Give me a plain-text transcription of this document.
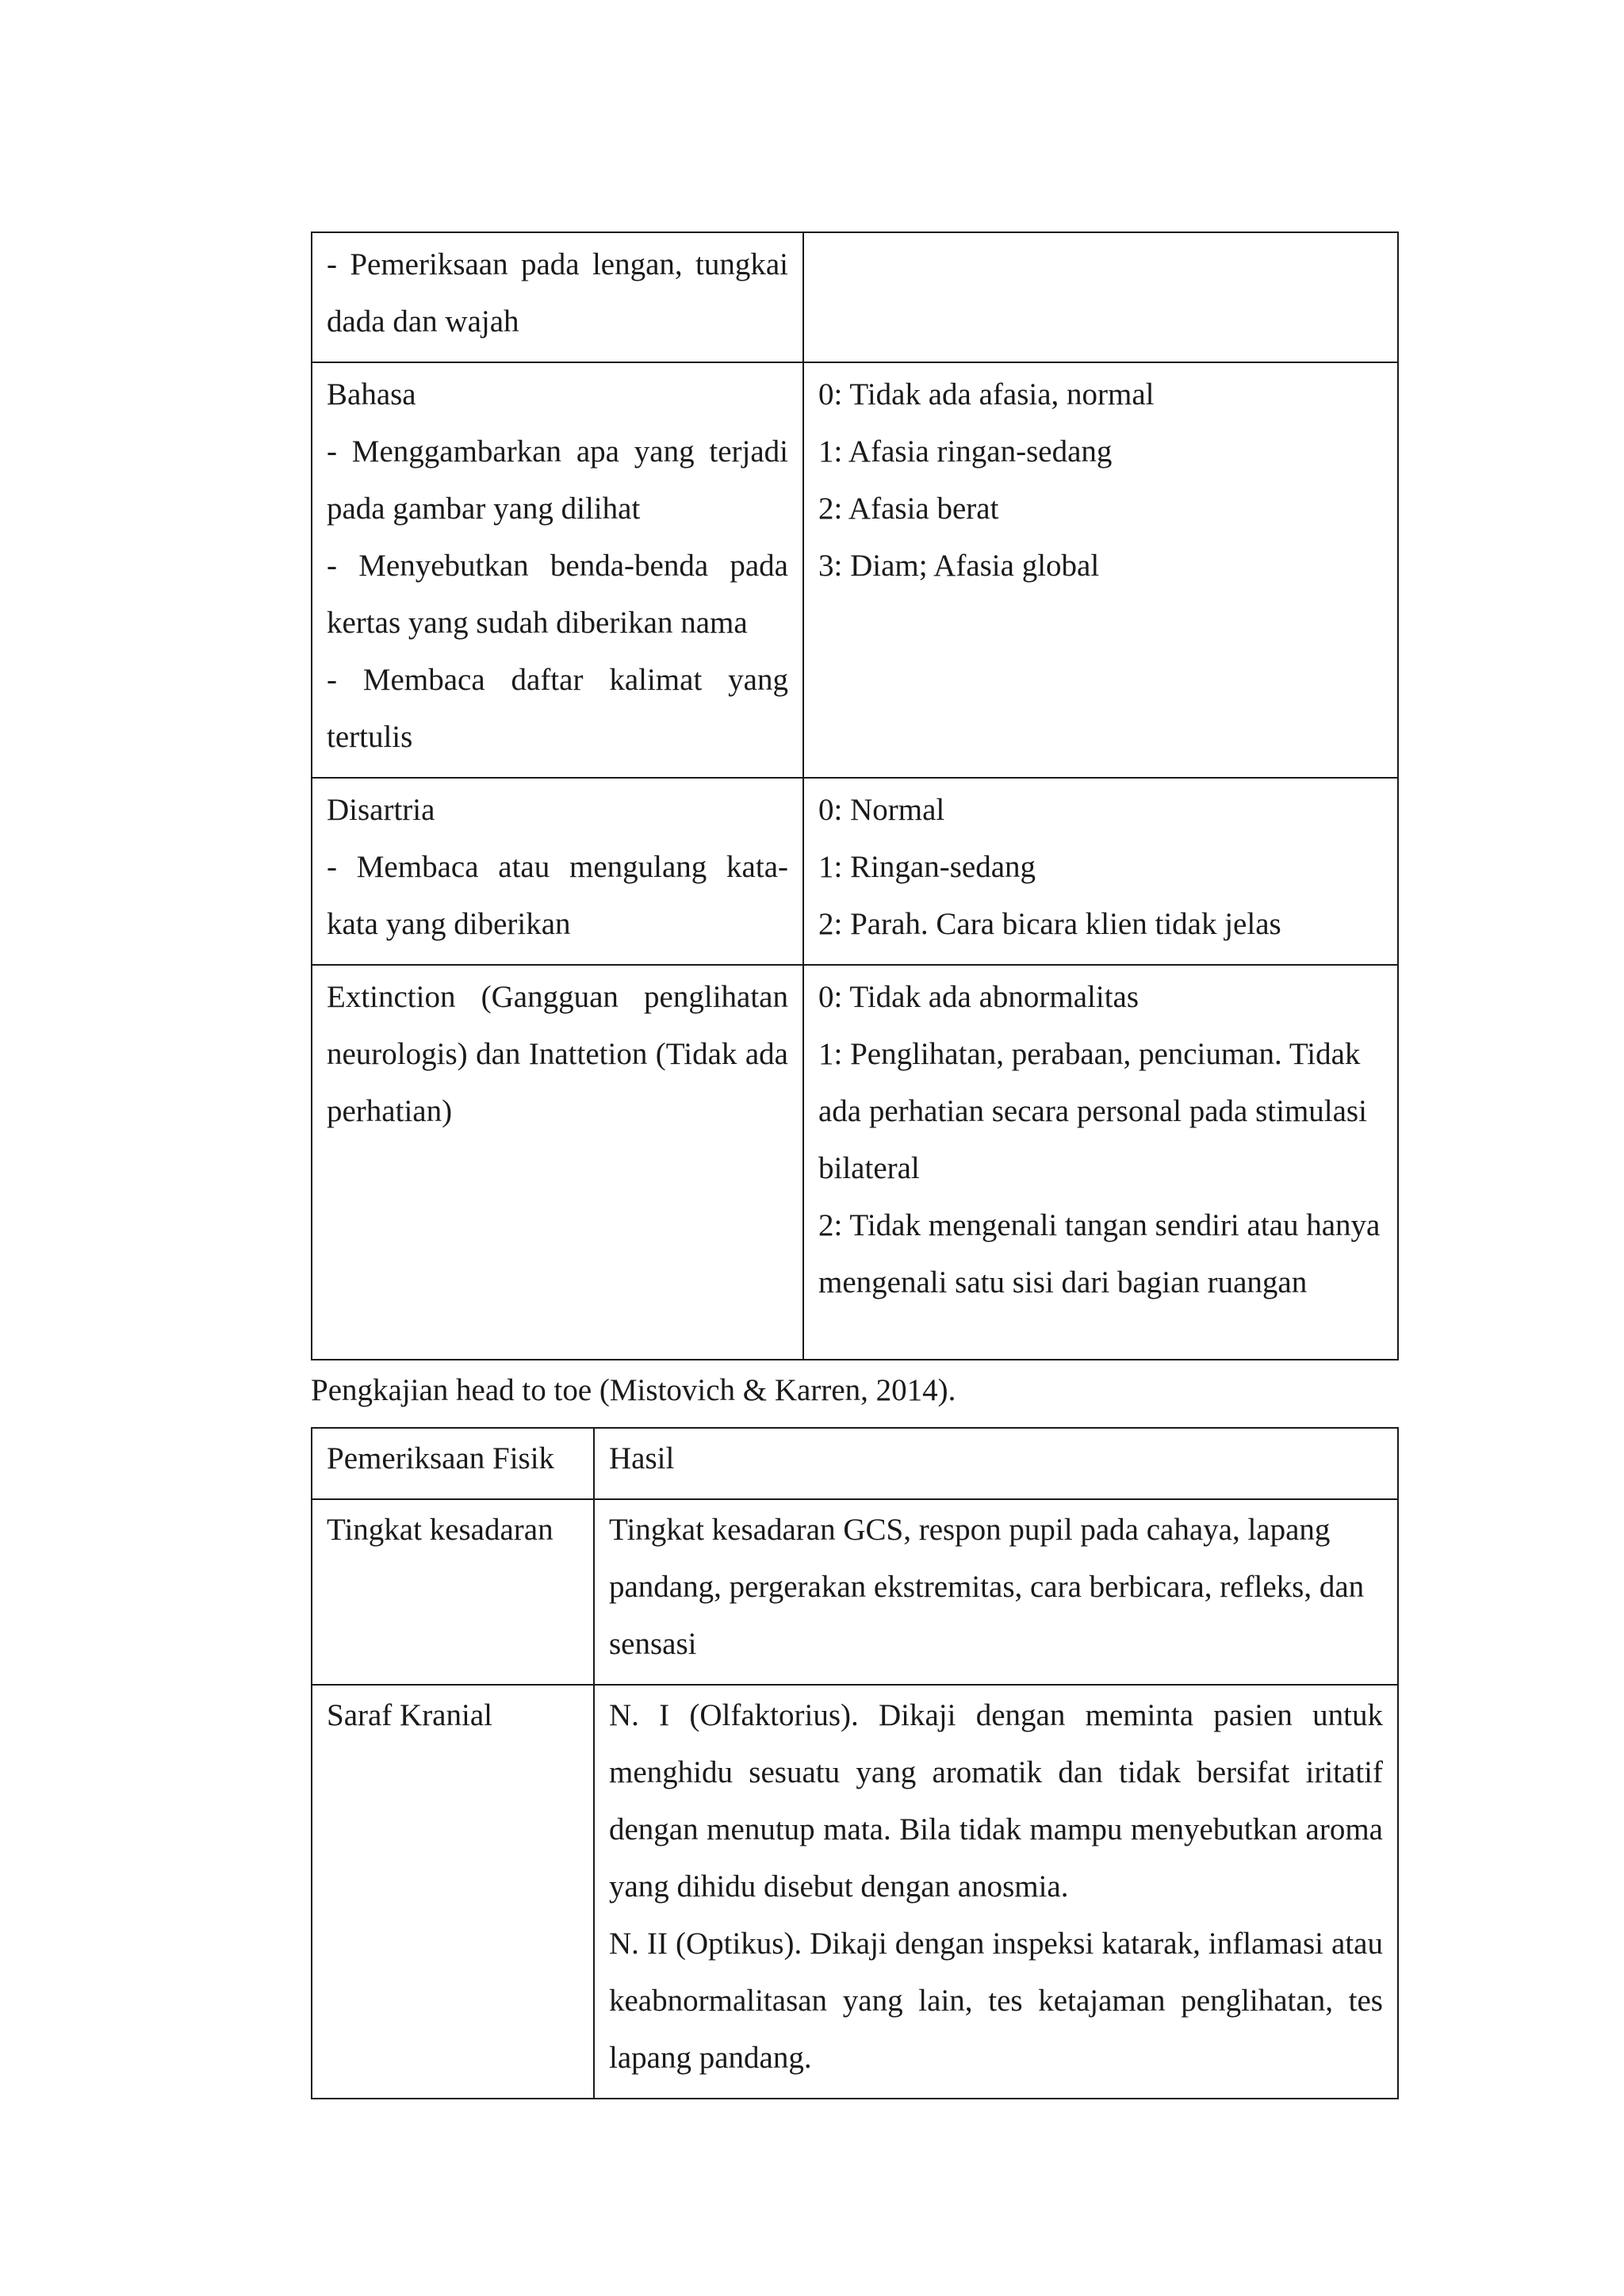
- Pemeriksaan pada lengan, tungkai dada dan wajah	

Bahasa
- Menggambarkan apa yang terjadi pada gambar yang dilihat
- Menyebutkan benda-benda pada kertas yang sudah diberikan nama
- Membaca daftar kalimat yang tertulis	0: Tidak ada afasia, normal
1: Afasia ringan-sedang
2: Afasia berat
3: Diam; Afasia global

Disartria
- Membaca atau mengulang kata-kata yang diberikan	0: Normal
1: Ringan-sedang
2: Parah. Cara bicara klien tidak jelas

Extinction (Gangguan penglihatan neurologis) dan Inattetion (Tidak ada perhatian)	0: Tidak ada abnormalitas
1: Penglihatan, perabaan, penciuman. Tidak ada perhatian secara personal pada stimulasi bilateral
2: Tidak mengenali tangan sendiri atau hanya mengenali satu sisi dari bagian ruangan

Pengkajian head to toe (Mistovich & Karren, 2014).

Pemeriksaan Fisik	Hasil
Tingkat kesadaran	Tingkat kesadaran GCS, respon pupil pada cahaya, lapang pandang, pergerakan ekstremitas, cara berbicara, refleks, dan sensasi

Saraf Kranial	N. I (Olfaktorius). Dikaji dengan meminta pasien untuk menghidu sesuatu yang aromatik dan tidak bersifat iritatif dengan menutup mata. Bila tidak mampu menyebutkan aroma yang dihidu disebut dengan anosmia.
N. II (Optikus). Dikaji dengan inspeksi katarak, inflamasi atau keabnormalitasan yang lain, tes ketajaman penglihatan, tes lapang pandang.
